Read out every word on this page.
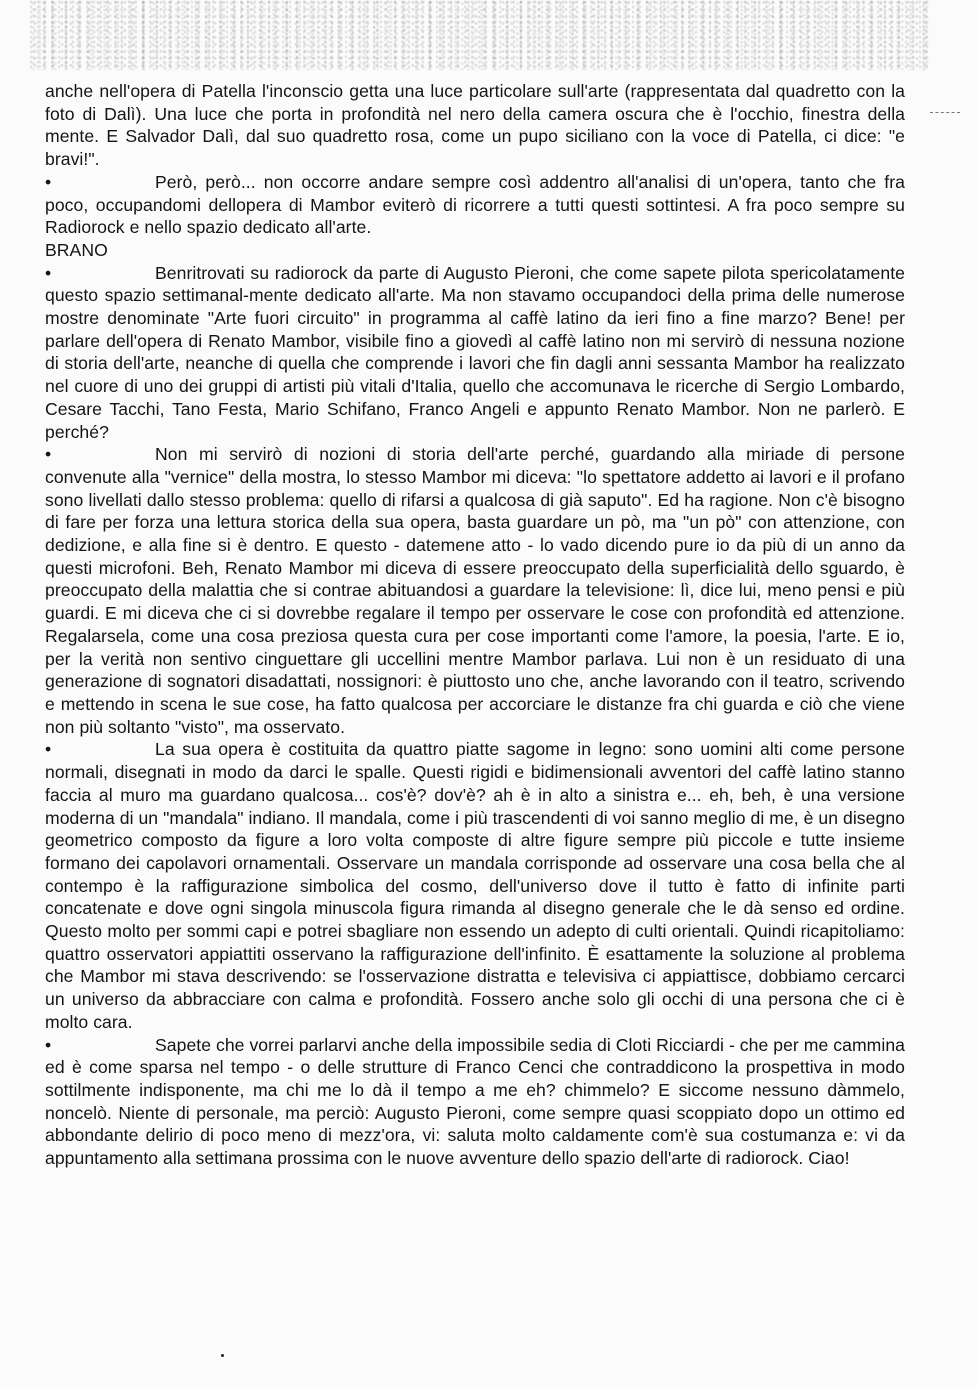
anche nell'opera di Patella l'inconscio getta una luce particolare sull'arte (rappresentata dal quadretto con la foto di Dalì). Una luce che porta in profondità nel nero della camera oscura che è l'occhio, finestra della mente. E Salvador Dalì, dal suo quadretto rosa, come un pupo siciliano con la voce di Patella, ci dice: "e bravi!".

•	Però, però... non occorre andare sempre così addentro all'analisi di un'opera, tanto che fra poco, occupandomi dellopera di Mambor eviterò di ricorrere a tutti questi sottintesi. A fra poco sempre su Radiorock e nello spazio dedicato all'arte.

BRANO

•	Benritrovati su radiorock da parte di Augusto Pieroni, che come sapete pilota spericolatamente questo spazio settimanal-mente dedicato all'arte. Ma non stavamo occupandoci della prima delle numerose mostre denominate "Arte fuori circuito" in programma al caffè latino da ieri fino a fine marzo? Bene! per parlare dell'opera di Renato Mambor, visibile fino a giovedì al caffè latino non mi servirò di nessuna nozione di storia dell'arte, neanche di quella che comprende i lavori che fin dagli anni sessanta Mambor ha realizzato nel cuore di uno dei gruppi di artisti più vitali d'Italia, quello che accomunava le ricerche di Sergio Lombardo, Cesare Tacchi, Tano Festa, Mario Schifano, Franco Angeli e appunto Renato Mambor. Non ne parlerò. E perché?

•	Non mi servirò di nozioni di storia dell'arte perché, guardando alla miriade di persone convenute alla "vernice" della mostra, lo stesso Mambor mi diceva: "lo spettatore addetto ai lavori e il profano sono livellati dallo stesso problema: quello di rifarsi a qualcosa di già saputo". Ed ha ragione. Non c'è bisogno di fare per forza una lettura storica della sua opera, basta guardare un pò, ma "un pò" con attenzione, con dedizione, e alla fine si è dentro. E questo - datemene atto - lo vado dicendo pure io da più di un anno da questi microfoni. Beh, Renato Mambor mi diceva di essere preoccupato della superficialità dello sguardo, è preoccupato della malattia che si contrae abituandosi a guardare la televisione: lì, dice lui, meno pensi e più guardi. E mi diceva che ci si dovrebbe regalare il tempo per osservare le cose con profondità ed attenzione. Regalarsela, come una cosa preziosa questa cura per cose importanti come l'amore, la poesia, l'arte. E io, per la verità non sentivo cinguettare gli uccellini mentre Mambor parlava. Lui non è un residuato di una generazione di sognatori disadattati, nossignori: è piuttosto uno che, anche lavorando con il teatro, scrivendo e mettendo in scena le sue cose, ha fatto qualcosa per accorciare le distanze fra chi guarda e ciò che viene non più soltanto "visto", ma osservato.

•	La sua opera è costituita da quattro piatte sagome in legno: sono uomini alti come persone normali, disegnati in modo da darci le spalle. Questi rigidi e bidimensionali avventori del caffè latino stanno faccia al muro ma guardano qualcosa... cos'è? dov'è? ah è in alto a sinistra e... eh, beh, è una versione moderna di un "mandala" indiano. Il mandala, come i più trascendenti di voi sanno meglio di me, è un disegno geometrico composto da figure a loro volta composte di altre figure sempre più piccole e tutte insieme formano dei capolavori ornamentali. Osservare un mandala corrisponde ad osservare una cosa bella che al contempo è la raffigurazione simbolica del cosmo, dell'universo dove il tutto è fatto di infinite parti concatenate e dove ogni singola minuscola figura rimanda al disegno generale che le dà senso ed ordine. Questo molto per sommi capi e potrei sbagliare non essendo un adepto di culti orientali. Quindi ricapitoliamo: quattro osservatori appiattiti osservano la raffigurazione dell'infinito. È esattamente la soluzione al problema che Mambor mi stava descrivendo: se l'osservazione distratta e televisiva ci appiattisce, dobbiamo cercarci un universo da abbracciare con calma e profondità. Fossero anche solo gli occhi di una persona che ci è molto cara.

•	Sapete che vorrei parlarvi anche della impossibile sedia di Cloti Ricciardi - che per me cammina ed è come sparsa nel tempo - o delle strutture di Franco Cenci che contraddicono la prospettiva in modo sottilmente indisponente, ma chi me lo dà il tempo a me eh? chimmelo? E siccome nessuno dàmmelo, noncelò. Niente di personale, ma perciò: Augusto Pieroni, come sempre quasi scoppiato dopo un ottimo ed abbondante delirio di poco meno di mezz'ora, vi: saluta molto caldamente com'è sua costumanza e: vi da appuntamento alla settimana prossima con le nuove avventure dello spazio dell'arte di radiorock. Ciao!
